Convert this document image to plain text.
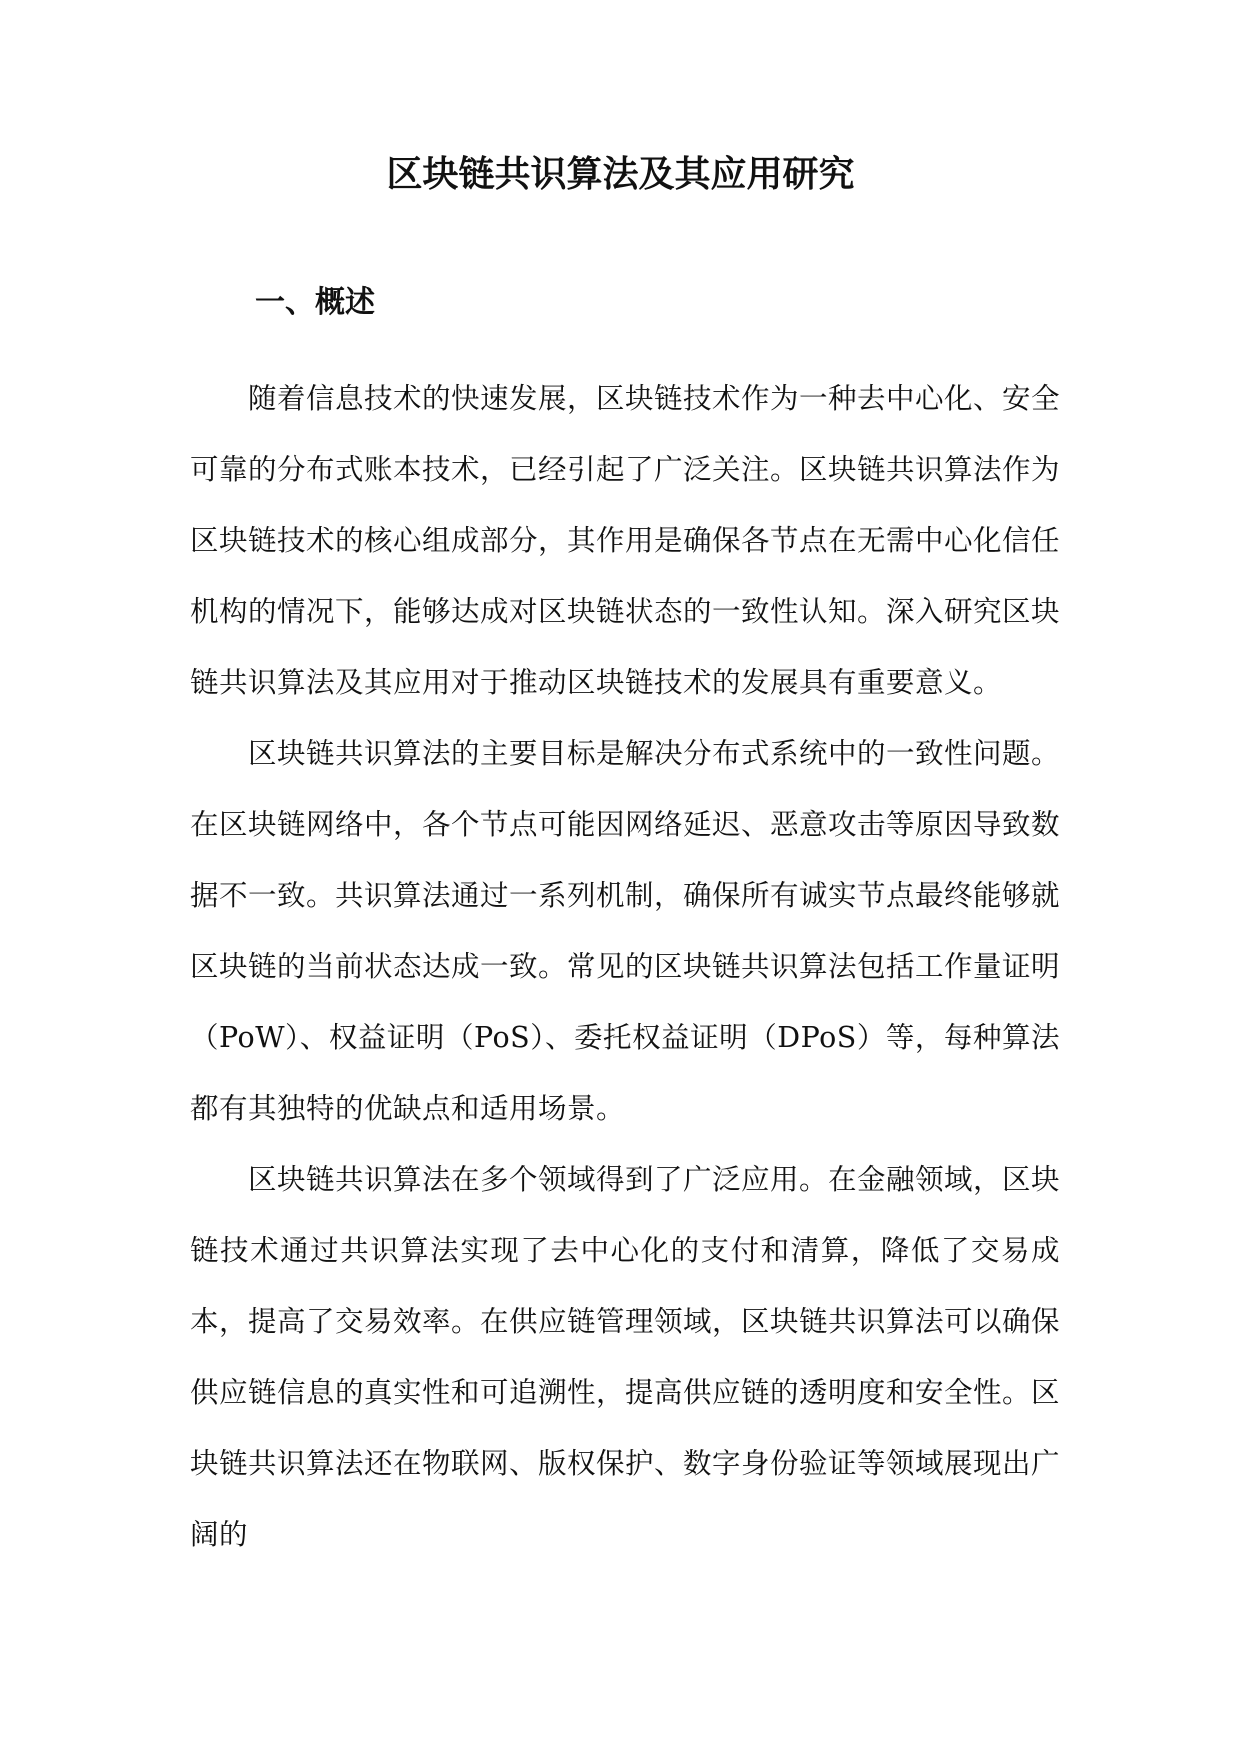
区块链共识算法及其应用研究
一、概述

随着信息技术的快速发展，区块链技术作为一种去中心化、安全可靠的分布式账本技术，已经引起了广泛关注。区块链共识算法作为区块链技术的核心组成部分，其作用是确保各节点在无需中心化信任机构的情况下，能够达成对区块链状态的一致性认知。深入研究区块链共识算法及其应用对于推动区块链技术的发展具有重要意义。

区块链共识算法的主要目标是解决分布式系统中的一致性问题。在区块链网络中，各个节点可能因网络延迟、恶意攻击等原因导致数据不一致。共识算法通过一系列机制，确保所有诚实节点最终能够就区块链的当前状态达成一致。常见的区块链共识算法包括工作量证明（PoW）、权益证明（PoS）、委托权益证明（DPoS）等，每种算法都有其独特的优缺点和适用场景。

区块链共识算法在多个领域得到了广泛应用。在金融领域，区块链技术通过共识算法实现了去中心化的支付和清算，降低了交易成本，提高了交易效率。在供应链管理领域，区块链共识算法可以确保供应链信息的真实性和可追溯性，提高供应链的透明度和安全性。区块链共识算法还在物联网、版权保护、数字身份验证等领域展现出广阔的
